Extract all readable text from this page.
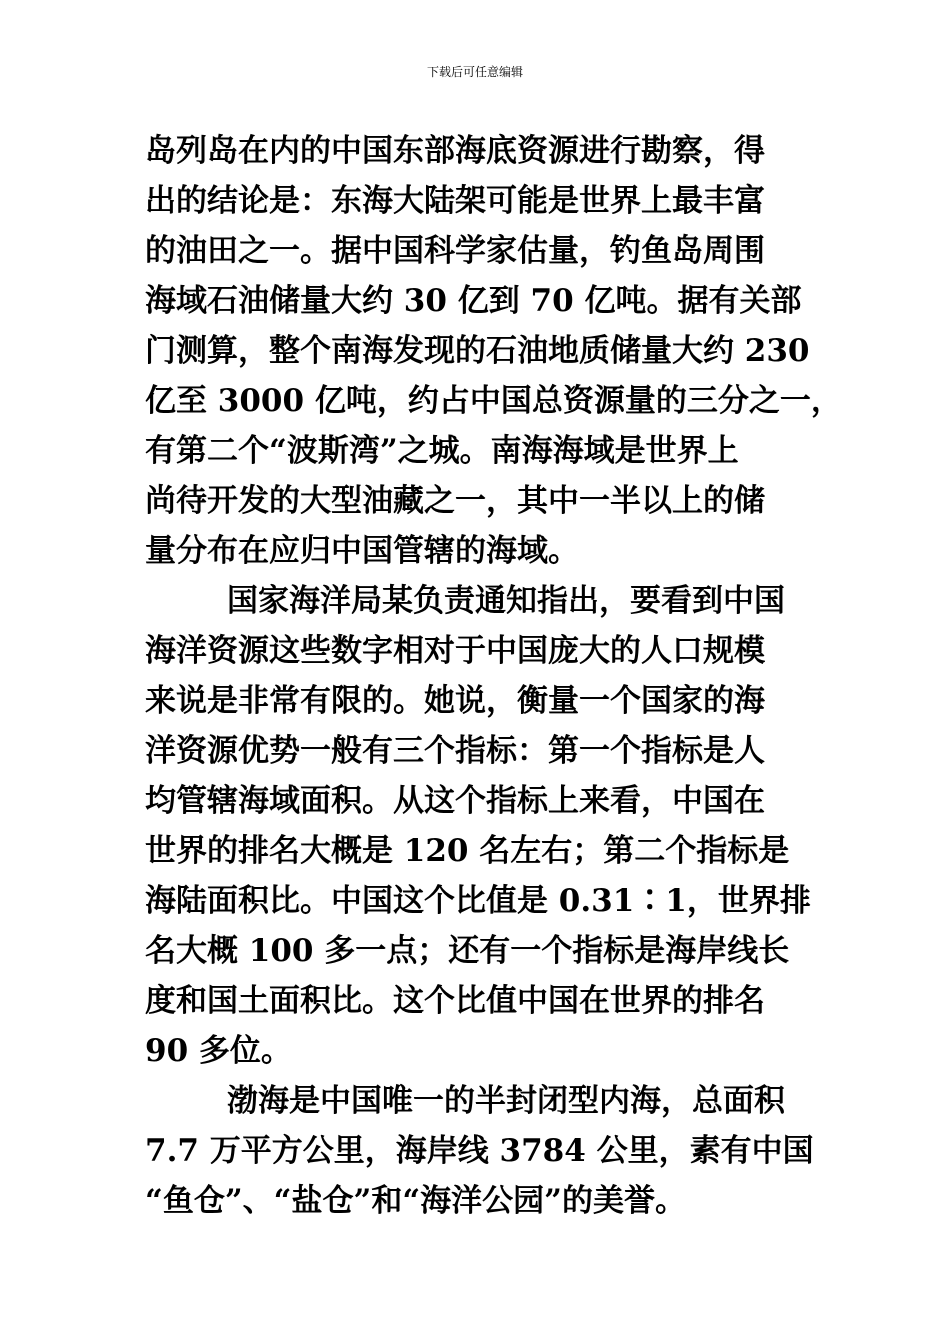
下载后可任意编辑
岛列岛在内的中国东部海底资源进行勘察，得
出的结论是：东海大陆架可能是世界上最丰富
的油田之一。据中国科学家估量，钓鱼岛周围
海域石油储量大约 30 亿到 70 亿吨。据有关部
门测算，整个南海发现的石油地质储量大约 230
亿至 3000 亿吨，约占中国总资源量的三分之一，
有第二个“波斯湾”之城。南海海域是世界上
尚待开发的大型油藏之一，其中一半以上的储
量分布在应归中国管辖的海域。
国家海洋局某负责通知指出，要看到中国
海洋资源这些数字相对于中国庞大的人口规模
来说是非常有限的。她说，衡量一个国家的海
洋资源优势一般有三个指标：第一个指标是人
均管辖海域面积。从这个指标上来看，中国在
世界的排名大概是 120 名左右；第二个指标是
海陆面积比。中国这个比值是 0.31∶1，世界排
名大概 100 多一点；还有一个指标是海岸线长
度和国土面积比。这个比值中国在世界的排名
90 多位。
渤海是中国唯一的半封闭型内海，总面积
7.7 万平方公里，海岸线 3784 公里，素有中国
“鱼仓”、“盐仓”和“海洋公园”的美誉。
